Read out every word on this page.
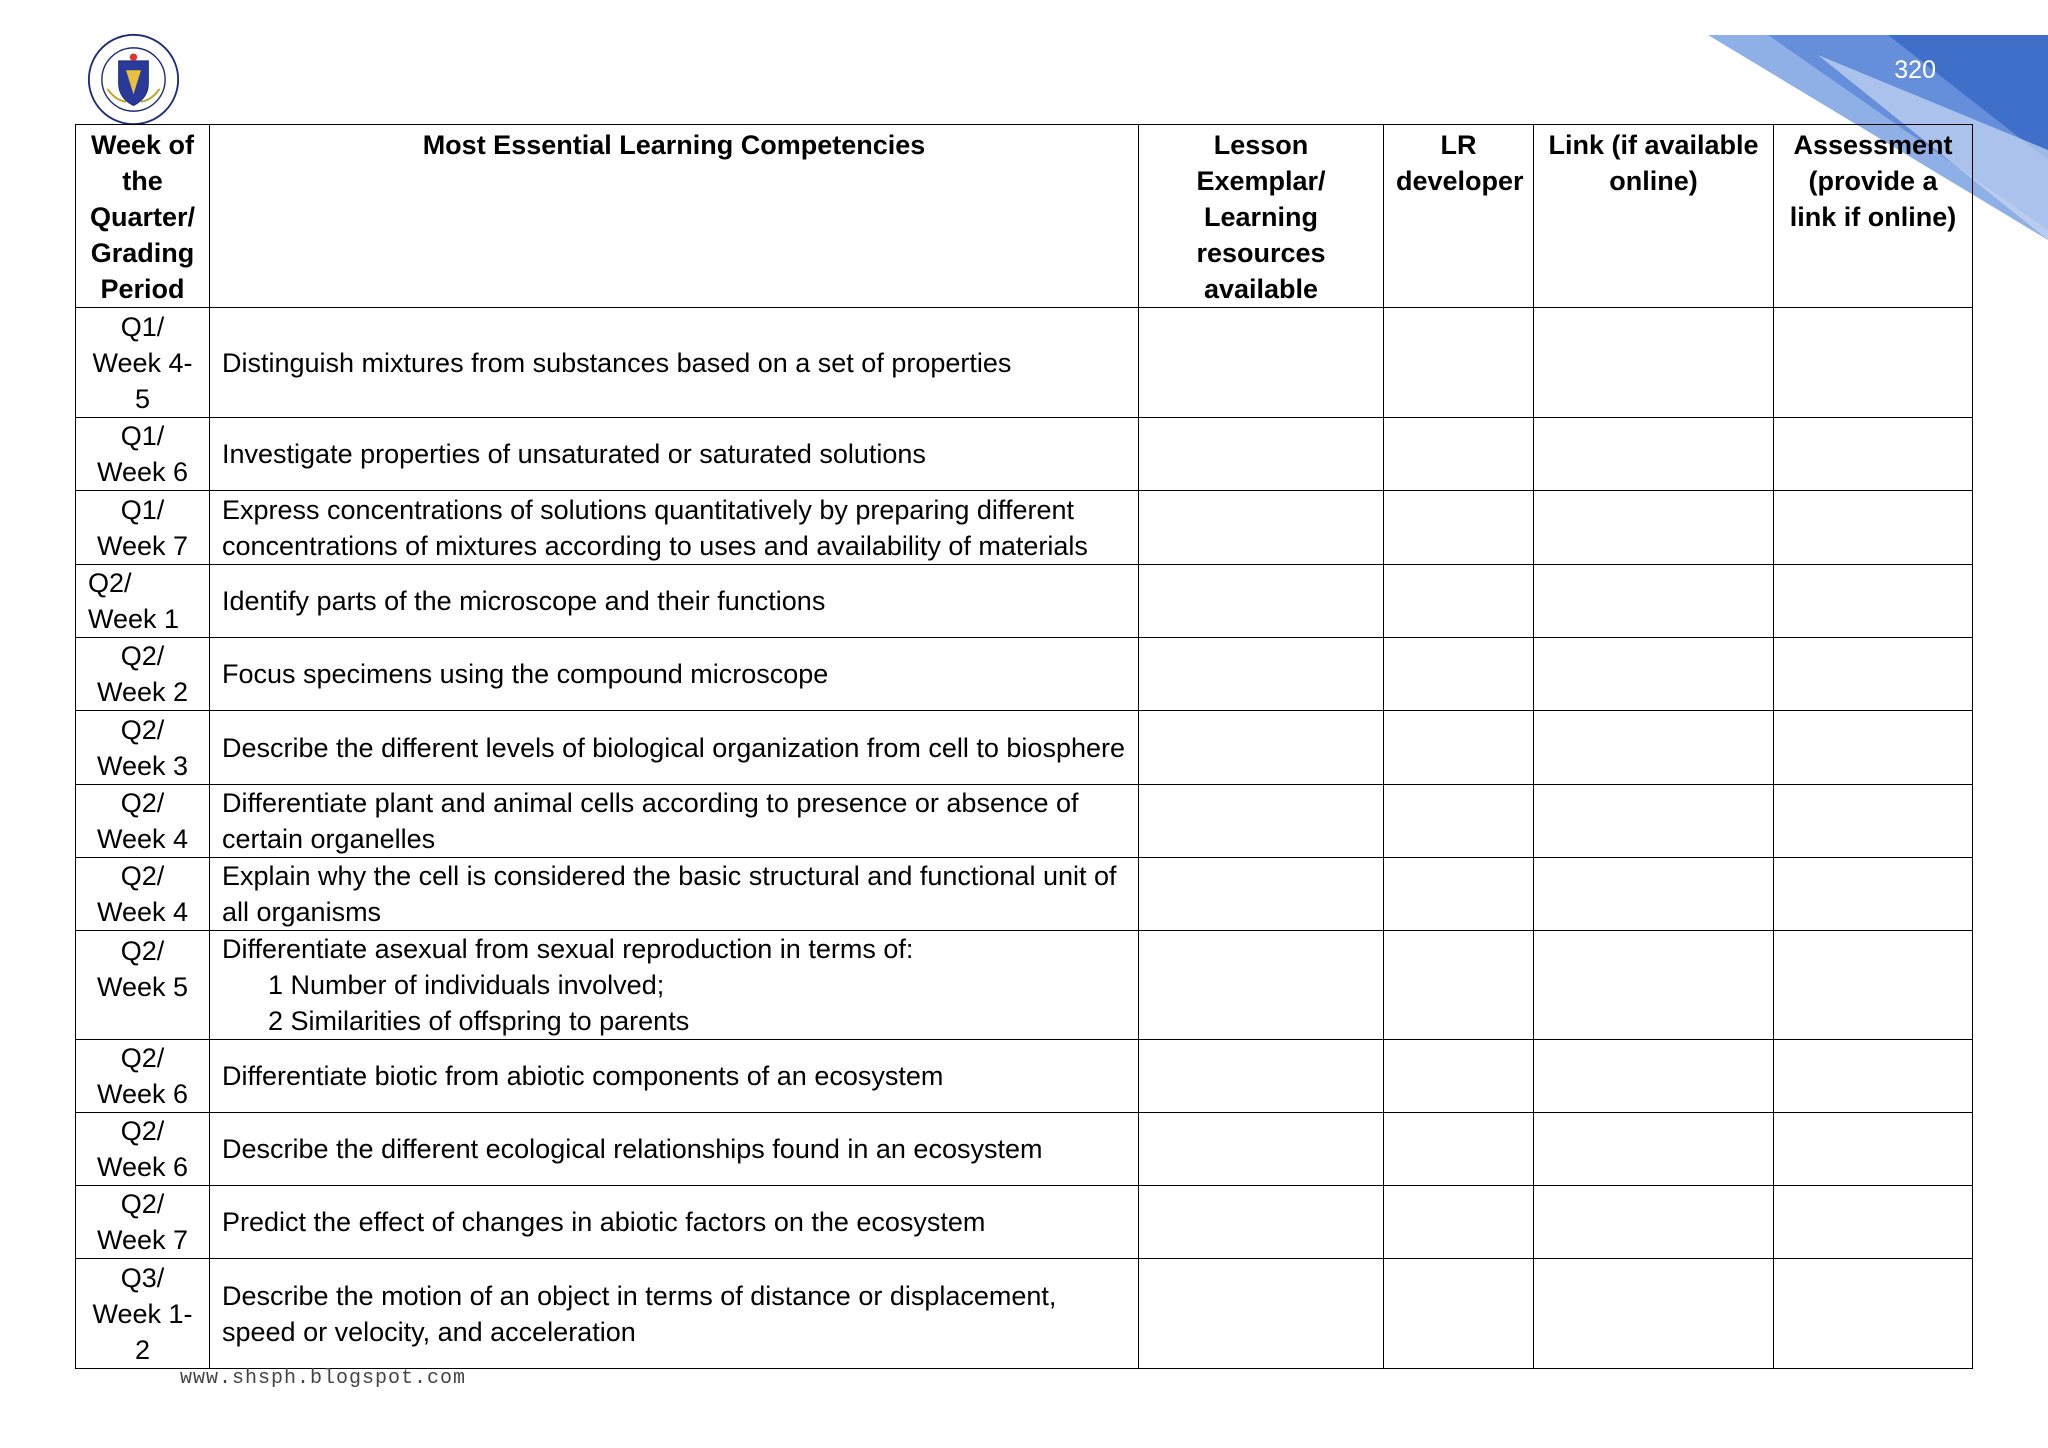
320
Week of the Quarter/ Grading Period	Most Essential Learning Competencies	Lesson Exemplar/ Learning resources available	LR developer	Link (if available online)	Assessment (provide a link if online)
Q1/ Week 4-5	Distinguish mixtures from substances based on a set of properties				
Q1/ Week 6	Investigate properties of unsaturated or saturated solutions				
Q1/ Week 7	Express concentrations of solutions quantitatively by preparing different concentrations of mixtures according to uses and availability of materials				
Q2/ Week 1	Identify parts of the microscope and their functions				
Q2/ Week 2	Focus specimens using the compound microscope				
Q2/ Week 3	Describe the different levels of biological organization from cell to biosphere				
Q2/ Week 4	Differentiate plant and animal cells according to presence or absence of certain organelles				
Q2/ Week 4	Explain why the cell is considered the basic structural and functional unit of all organisms				
Q2/ Week 5	Differentiate asexual from sexual reproduction in terms of:
1 Number of individuals involved;
2 Similarities of offspring to parents				

Q2/ Week 6	Differentiate biotic from abiotic components of an ecosystem				
Q2/ Week 6	Describe the different ecological relationships found in an ecosystem				
Q2/ Week 7	Predict the effect of changes in abiotic factors on the ecosystem				
Q3/ Week 1-2	Describe the motion of an object in terms of distance or displacement, speed or velocity, and acceleration				
www.shsph.blogspot.com
